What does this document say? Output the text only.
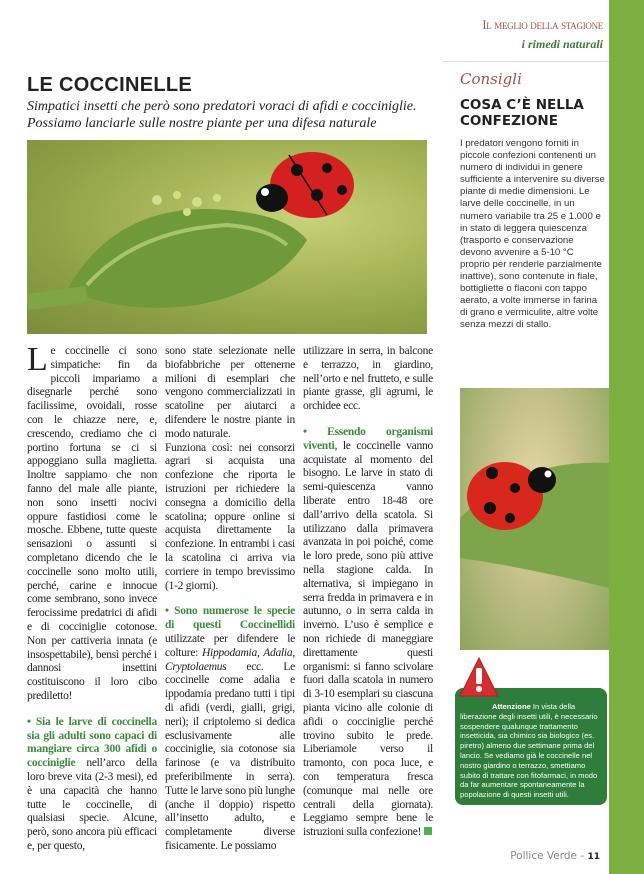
Il meglio della stagione
i rimedi naturali
LE COCCINELLE
Simpatici insetti che però sono predatori voraci di afidi e cocciniglie. Possiamo lanciarle sulle nostre piante per una difesa naturale

Le coccinelle ci sono simpatiche: fin da piccoli impariamo a disegnarle perché sono facilissime, ovoidali, rosse con le chiazze nere, e, crescendo, crediamo che ci portino fortuna se ci si appoggiano sulla maglietta. Inoltre sappiamo che non fanno del male alle piante, non sono insetti nocivi oppure fastidiosi come le mosche. Ebbene, tutte queste sensazioni o assunti si completano dicendo che le coccinelle sono molto utili, perché, carine e innocue come sembrano, sono invece ferocissime predatrici di afidi e di cocciniglie cotonose. Non per cattiveria innata (e insospettabile), bensì perché i dannosi insettini costituiscono il loro cibo prediletto!

• Sia le larve di coccinella sia gli adulti sono capaci di mangiare circa 300 afidi o cocciniglie nell’arco della loro breve vita (2-3 mesi), ed è una capacità che hanno tutte le coccinelle, di qualsiasi specie. Alcune, però, sono ancora più efficaci e, per questo,

sono state selezionate nelle biofabbriche per ottenerne milioni di esemplari che vengono commercializzati in scatoline per aiutarci a difendere le nostre piante in modo naturale.

Funziona così: nei consorzi agrari si acquista una confezione che riporta le istruzioni per richiedere la consegna a domicilio della scatolina; oppure online si acquista direttamente la confezione. In entrambi i casi la scatolina ci arriva via corriere in tempo brevissimo (1-2 giorni).

• Sono numerose le specie di questi Coccinellidi utilizzate per difendere le colture: Hippodamia, Adalia, Cryptolaemus ecc. Le coccinelle come adalia e ippodamia predano tutti i tipi di afidi (verdi, gialli, grigi, neri); il criptolemo si dedica esclusivamente alle cocciniglie, sia cotonose sia farinose (e va distribuito preferibilmente in serra). Tutte le larve sono più lunghe (anche il doppio) rispetto all’insetto adulto, e completamente diverse fisicamente. Le possiamo

utilizzare in serra, in balcone e terrazzo, in giardino, nell’orto e nel frutteto, e sulle piante grasse, gli agrumi, le orchidee ecc.

• Essendo organismi viventi, le coccinelle vanno acquistate al momento del bisogno. Le larve in stato di semi-quiescenza vanno liberate entro 18-48 ore dall’arrivo della scatola. Si utilizzano dalla primavera avanzata in poi poiché, come le loro prede, sono più attive nella stagione calda. In alternativa, si impiegano in serra fredda in primavera e in autunno, o in serra calda in inverno. L’uso è semplice e non richiede di maneggiare direttamente questi organismi: si fanno scivolare fuori dalla scatola in numero di 3-10 esemplari su ciascuna pianta vicino alle colonie di afidi o cocciniglie perché trovino subito le prede. Liberiamole verso il tramonto, con poca luce, e con temperatura fresca (comunque mai nelle ore centrali della giornata). Leggiamo sempre bene le istruzioni sulla confezione!

Consigli
COSA C’È NELLA CONFEZIONE

I predatori vengono forniti in piccole confezioni contenenti un numero di individui in genere sufficiente a intervenire su diverse piante di medie dimensioni. Le larve delle coccinelle, in un numero variabile tra 25 e 1.000 e in stato di leggera quiescenza (trasporto e conservazione devono avvenire a 5-10 °C proprio per renderle parzialmente inattive), sono contenute in fiale, bottigliette o flaconi con tappo aerato, a volte immerse in farina di grano e vermiculite, altre volte senza mezzi di stallo.

Attenzione In vista della liberazione degli insetti utili, è necessario sospendere qualunque trattamento insetticida, sia chimico sia biologico (es. piretro) almeno due settimane prima del lancio. Se vediamo già le coccinelle nel nostro giardino o terrazzo, smettiamo subito di trattare con fitofarmaci, in modo da far aumentare spontaneamente la popolazione di questi insetti utili.
Pollice Verde - 11
